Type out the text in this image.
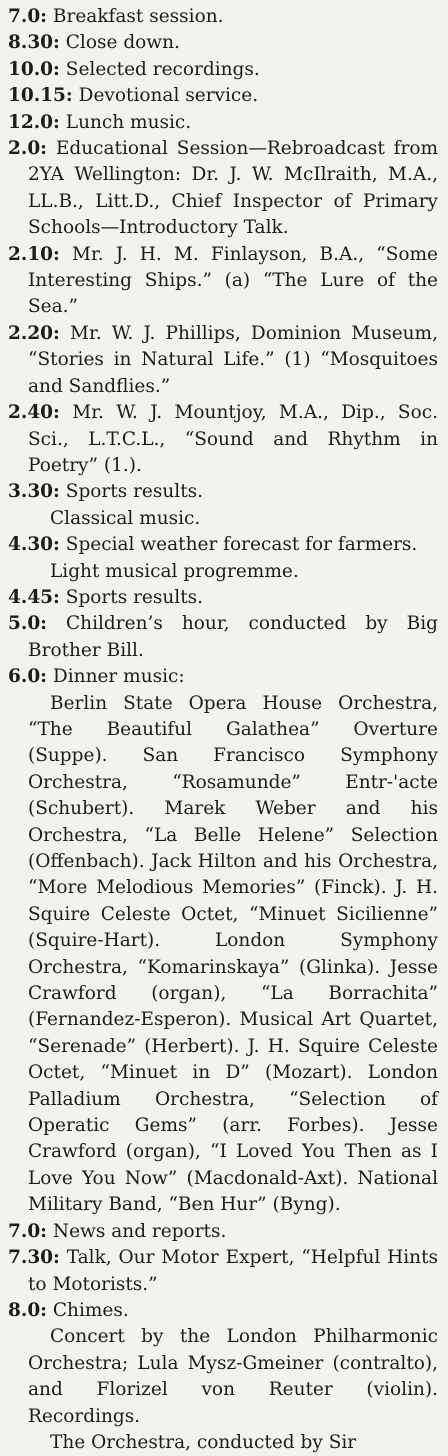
7.0: Breakfast session.

8.30: Close down.

10.0: Selected recordings.

10.15: Devotional service.

12.0: Lunch music.

2.0: Educational Session—Rebroadcast from 2YA Wellington: Dr. J. W. McIlraith, M.A., LL.B., Litt.D., Chief Inspector of Primary Schools—Introductory Talk.

2.10: Mr. J. H. M. Finlayson, B.A., “Some Interesting Ships.” (a) “The Lure of the Sea.”

2.20: Mr. W. J. Phillips, Dominion Museum, “Stories in Natural Life.” (1) “Mosquitoes and Sandflies.”

2.40: Mr. W. J. Mountjoy, M.A., Dip., Soc. Sci., L.T.C.L., “Sound and Rhythm in Poetry” (1.).

3.30: Sports results.

Classical music.

4.30: Special weather forecast for farmers.

Light musical progremme.

4.45: Sports results.

5.0: Children’s hour, conducted by Big Brother Bill.

6.0: Dinner music:

Berlin State Opera House Orchestra, “The Beautiful Galathea” Overture (Suppe). San Francisco Symphony Orchestra, “Rosamunde” Entr-'acte (Schubert). Marek Weber and his Orchestra, “La Belle Helene” Selection (Offenbach). Jack Hilton and his Orchestra, “More Melodious Memories” (Finck). J. H. Squire Celeste Octet, “Minuet Sicilienne” (Squire-Hart). London Symphony Orchestra, “Komarinskaya” (Glinka). Jesse Crawford (organ), “La Borrachita” (Fernandez-Esperon). Musical Art Quartet, “Serenade” (Herbert). J. H. Squire Celeste Octet, “Minuet in D” (Mozart). London Palladium Orchestra, “Selection of Operatic Gems” (arr. Forbes). Jesse Crawford (organ), “I Loved You Then as I Love You Now” (Macdonald-Axt). National Military Band, “Ben Hur” (Byng).

7.0: News and reports.

7.30: Talk, Our Motor Expert, “Helpful Hints to Motorists.”

8.0: Chimes.

Concert by the London Philharmonic Orchestra; Lula Mysz-Gmeiner (contralto), and Florizel von Reuter (violin). Recordings.

The Orchestra, conducted by Sir
